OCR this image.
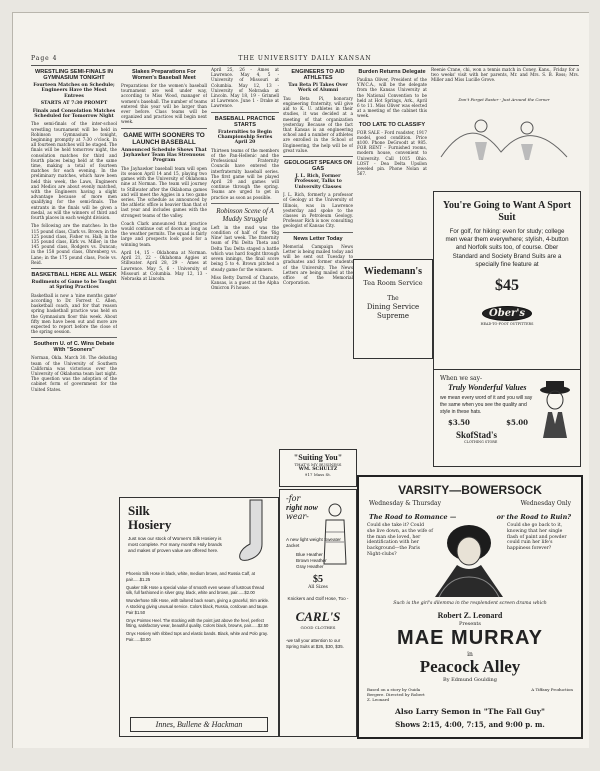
Page 4	THE UNIVERSITY DAILY KANSAN
WRESTLING SEMI-FINALS IN GYMNASIUM TONIGHT
Fourteen Matches on Schedule; Engineers Have the Most Entrees
STARTS AT 7:30 PROMPT
Finals and Consolation Matches Scheduled for Tomorrow Night

The semi-finals of the inter-school wrestling tournament will be held in Robinson Gymnasium tonight, beginning promptly at 7:30 o'clock. In all fourteen matches will be staged. The finals will be held tomorrow night, the consolation matches for third and fourth places being held at the same time, making a total of fourteen matches for each evening. In the preliminary matches, which have been held this week, the Laws, Engineers and Medics are about evenly matched, with the Engineers having a slight advantage because of more men qualifying for the semi-finals. The entrants in the finals will be given a medal, as will the winners of third and fourth places in each weight division.

The following are the matches: In the 115 pound class, Clark vs. Brown; in the 125 pound class, Fisher vs. Hall; in the 135 pound class, Kirk vs. Miller; in the 145 pound class, Rodgers vs. Duncan; in the 158 pound class, Ohrenberg vs. Lane; in the 175 pound class, Poole vs. Reid.

BASKETBALL HERE ALL WEEK
Rudiments of Game to be Taught at Spring Practices

Basketball is now a 'nine months game' according to Dr. Forrest C. Allen, basketball coach, and for that reason spring basketball practice was held on the Gymnasium floor this week. About fifty men have been out and more are expected to report before the close of the spring session.

Southern U. of C. Wins Debate With "Sooners"

Norman, Okla. March 30. The debating team of the University of Southern California was victorious over the University of Oklahoma team last night. The question was the adoption of the cabinet form of government for the United States.

Slakes Preparations For Women's Baseball Meet

Preparations for the women's baseball tournament are well under way, according to Miss Wood, manager of women's baseball. The number of teams entered this year will be larger than ever before. Class teams will be organized and practices will begin next week.

GAME WITH SOONERS TO LAUNCH BASEBALL
Announced Schedule Shows That Jayhawker Team Has Strenuous Program

The Jayhawker baseball team will open its season April 14 and 15, playing two games with the University of Oklahoma nine at Norman. The team will journey to Stillwater after the Oklahoma games and will meet the Aggies in a two game series. The schedule as announced by the athletic office is heavier than that of last year and includes games with the strongest teams of the valley.

Coach Clark announced that practice would continue out of doors as long as the weather permits. The squad is fairly large and prospects look good for a winning team.

April 14, 15 - Oklahoma at Norman. April 21, 22 - Oklahoma Aggies at Stillwater. April 28, 29 - Ames at Lawrence. May 5, 6 - University of Missouri at Columbia. May 12, 13 - Nebraska at Lincoln.

April 25, 26 - Ames at Lawrence. May 4, 5 - University of Missouri at Columbia. May 12, 13 - University of Nebraska at Lincoln. May 18, 19 - Grinnell at Lawrence. June 1 - Drake at Lawrence.

BASEBALL PRACTICE STARTS
Fraternities to Begin Championship Series April 20

Thirteen teams of the members of the Pan-Hellenic and the Professional Fraternity Councils have entered the interfraternity baseball series. The first game will be played April 20 and games will continue through the spring. Teams are urged to get in practice as soon as possible.

Robinson Scene of A Muddy Struggle

Left in the mud was the condition of half of the 'Big Nine' last week. The fraternity team of Phi Delta Theta and Delta Tau Delta staged a battle which was hard fought through seven innings, the final score being 5 to 4. Brown pitched a steady game for the winners.

Miss Betty Darrell of Chanute, Kansas, is a guest at the Alpha Omicron Pi house.

ENGINEERS TO AID ATHLETES
Tau Beta Pi Takes Over Work of Alumni

Tau Beta Pi, honorary engineering fraternity, will give aid to K. U. athletes in their studies, it was decided at a meeting of that organization yesterday. Because of the fact that Kansas is an engineering school and a number of athletes are enrolled in the School of Engineering, the help will be of great value.

GEOLOGIST SPEAKS ON GAS
J. L. Rich, Former Professor, Talks to University Classes

J. L. Rich, formerly a professor of Geology at the University of Illinois, was in Lawrence yesterday and spoke to the classes in Petroleum Geology. Professor Rich is now consulting geologist of Kansas City.

News Letter Today

Memorial Campaign News Letter is being mailed today and will be sent out Tuesday to graduates and former students of the University. The News Letters are being mailed at the office of the Memorial Corporation.

Burden Returns Delegate

Paulina Oliver, President of the Y.W.C.A., will be the delegate from the Kansas University at the National Convention to be held at Hot Springs, Ark., April 6 to 11. Miss Oliver was elected at a meeting of the cabinet this week.

TOO LATE TO CLASSIFY

FOR SALE - Ford roadster, 1917 model, good condition. Price $100. Phone DeGroodt at 985. FOR RENT - Furnished rooms, modern house, convenient to University. Call 1015 Ohio. LOST - Dea Delta Upsilon jeweled pin. Phone Nolan at 567.

Reenie Crane, chi, won a tennis match in Coney, Kans., Friday for a two weeks' visit with her parents, Mr. and Mrs. S. B. Ross; Mrs. Miller and Miss Lucille Grove.

Don't Forget Easter - Just Around the Corner
You're Going to Want A Sport Suit
For golf, for hiking: even for study; college men wear them everywhere; stylish, 4-button and Norfolk suits too, of course. Ober Standard and Society Brand Suits are a specially fine feature at
$45
Ober's
HEAD-TO-FOOT OUTFITTERS
Wiedemann's
Tea Room Service
The
Dining Service
Supreme
When we say-
Truly Wonderful Values
we mean every word of it and you will say the same when you see the quality and style in these hats.
$3.50	$5.00
SkofStad's
CLOTHING STORE
"Suiting You"
THAT'S MY BUSINESS
WM. SCHULTZ
917 Mass St.
Silk
Hosiery
Just now our stock of Women's Silk Hosiery is most complete. For many months Holy brands and makes of proven value are offered here.

Phoenix Silk Hose in black, white, medium brown, and Russia Calf, at pair......$1.25

Quaker Silk Hose a special value of smooth even weave of lustrous thread silk, full fashioned in silver gray, black, white and brown, pair......$2.00

Wunderhose Silk Hose, with tailored back seam, giving a graceful, trim ankle. A stocking giving unusual service. Colors black, Russia, cordovan and taupe. Pair $1.50

Onyx Pointex Heel. The stocking with the point just above the heel, perfect fitting, satisfactory wear, beautiful quality. Colors black, browns, pair......$2.50

Onyx Hosiery with ribbed tops and elastic bands. Black, white and Polo gray. Pair......$3.00

Innes, Bullene & Hackman
-for
right now
wear-
A new light weight Sweater Jacket
Blue Heather
Brown Heather
Gray Heather
$5
All Sizes
Knickers and Golf Hose, Too -
CARL'S
GOOD CLOTHES
-we tall your attention to our Spring Suits at $26, $30, $35.
VARSITY—BOWERSOCK
Wednesday & Thursday	Wednesday Only
The Road to Romance —	or the Road to Ruin?
Could she take it? Could she live down, as the wife of the man she loved, her identification with her background—the Paris Night-clubs?
Could she go back to it, knowing that her single flash of paint and powder could ruin her life's happiness forever?
Such is the girl's dilemma in the resplendent screen drama which
Robert Z. Leonard
Presents
MAE MURRAY
in
Peacock Alley
By Edmund Goulding
Based on a story by Ouida Bergere. Directed by Robert Z. Leonard
A Tiffany Production
Also Larry Semon in "The Fall Guy"
Shows 2:15, 4:00, 7:15, and 9:00 p. m.
